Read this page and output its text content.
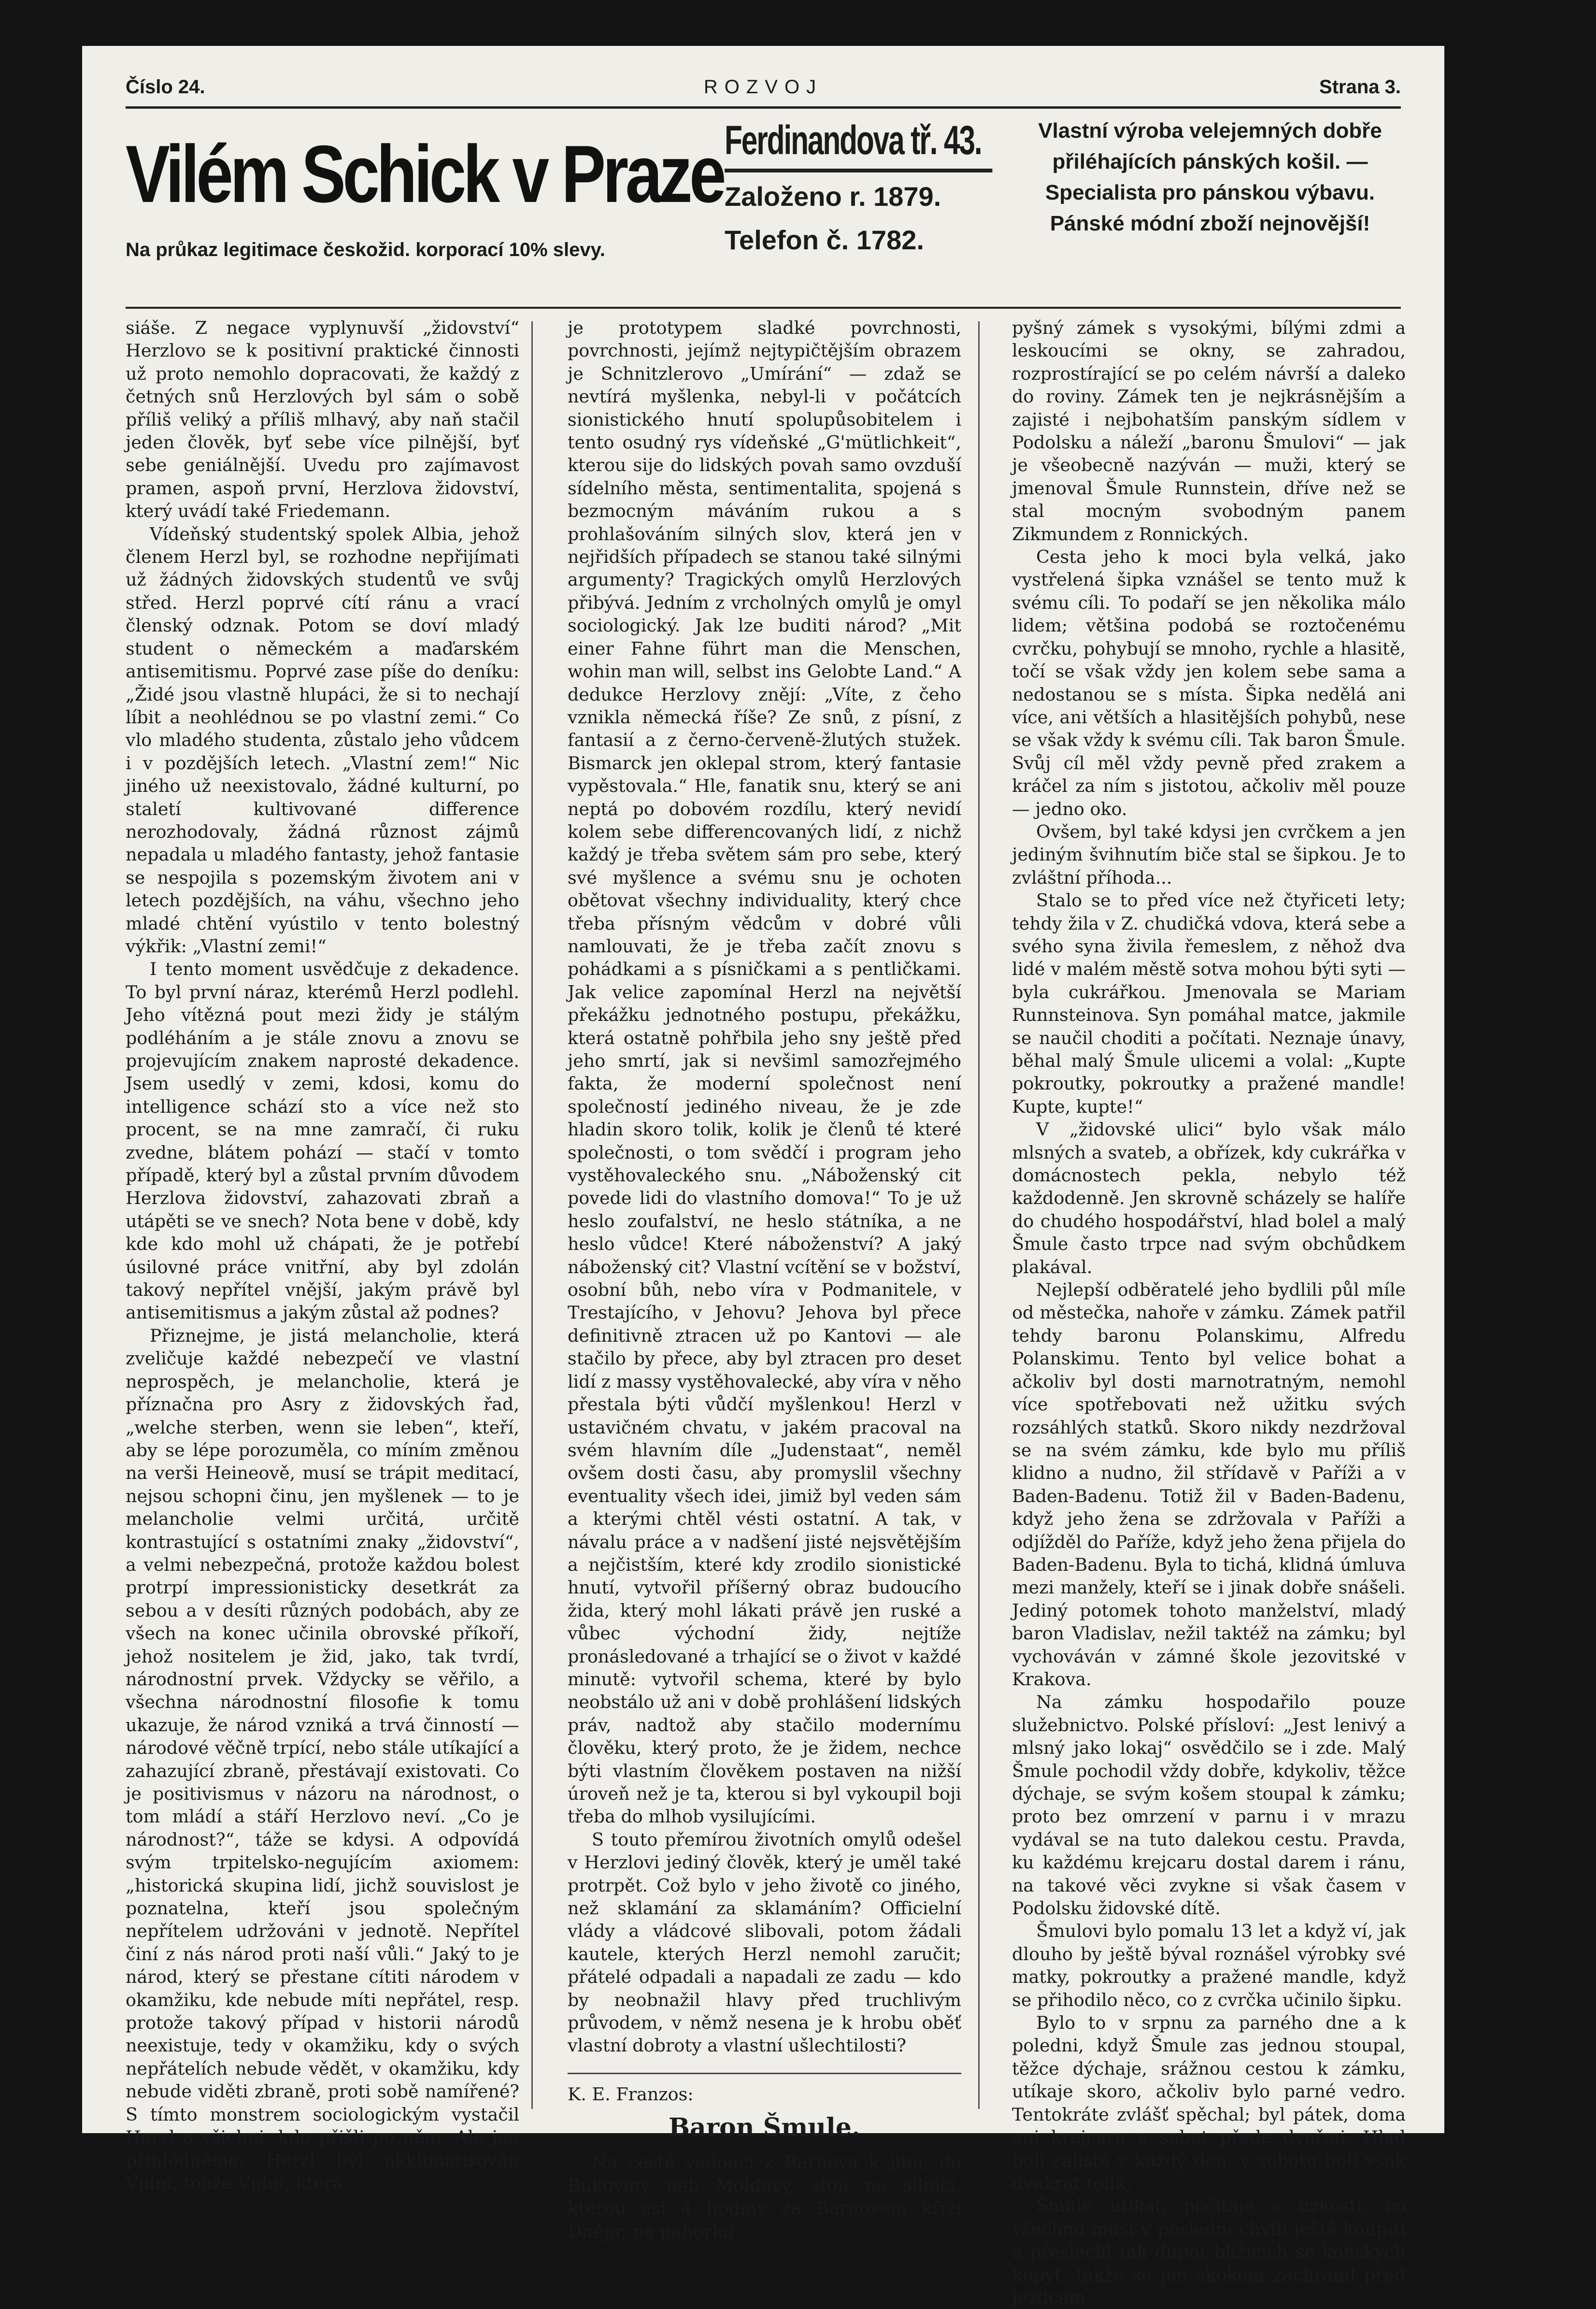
Číslo 24.	ROZVOJ	Strana 3.
Vilém Schick v Praze
Na průkaz legitimace českožid. korporací 10% slevy.
Ferdinandova tř. 43.
Založeno r. 1879.
Telefon č. 1782.
Vlastní výroba velejemných dobře
přiléhajících pánských košil. —
Specialista pro pánskou výbavu.
Pánské módní zboží nejnovější!

siáše. Z negace vyplynuvší „židovství“ Herzlovo se k positivní praktické činnosti už proto nemohlo dopracovati, že každý z četných snů Herzlových byl sám o sobě příliš veliký a příliš mlhavý, aby naň stačil jeden člověk, byť sebe více pilnější, byť sebe geniálnější. Uvedu pro zajímavost pramen, aspoň první, Herzlova židovství, který uvádí také Friedemann.

Vídeňský studentský spolek Albia, jehož členem Herzl byl, se rozhodne nepřijímati už žádných židovských studentů ve svůj střed. Herzl poprvé cítí ránu a vrací členský odznak. Potom se doví mladý student o německém a maďarském antisemitismu. Poprvé zase píše do deníku: „Židé jsou vlastně hlupáci, že si to nechají líbit a neohlédnou se po vlastní zemi.“ Co vlo mladého studenta, zůstalo jeho vůdcem i v pozdějších letech. „Vlastní zem!“ Nic jiného už neexistovalo, žádné kulturní, po staletí kultivované difference nerozhodovaly, žádná různost zájmů nepadala u mladého fantasty, jehož fantasie se nespojila s pozemským životem ani v letech pozdějších, na váhu, všechno jeho mladé chtění vyústilo v tento bolestný výkřik: „Vlastní zemi!“

I tento moment usvědčuje z dekadence. To byl první náraz, kterémů Herzl podlehl. Jeho vítězná pout mezi židy je stálým podléháním a je stále znovu a znovu se projevujícím znakem naprosté dekadence. Jsem usedlý v zemi, kdosi, komu do intelligence schází sto a více než sto procent, se na mne zamračí, či ruku zvedne, blátem pohází — stačí v tomto případě, který byl a zůstal prvním důvodem Herzlova židovství, zahazovati zbraň a utápěti se ve snech? Nota bene v době, kdy kde kdo mohl už chápati, že je potřebí úsilovné práce vnitřní, aby byl zdolán takový nepřítel vnější, jakým právě byl antisemitismus a jakým zůstal až podnes?

Přiznejme, je jistá melancholie, která zveličuje každé nebezpečí ve vlastní neprospěch, je melancholie, která je příznačna pro Asry z židovských řad, „welche sterben, wenn sie leben“, kteří, aby se lépe porozuměla, co míním změnou na verši Heineově, musí se trápit meditací, nejsou schopni činu, jen myšlenek — to je melancholie velmi určitá, určitě kontrastující s ostatními znaky „židovství“, a velmi nebezpečná, protože každou bolest protrpí impressionisticky desetkrát za sebou a v desíti různých podobách, aby ze všech na konec učinila obrovské příkoří, jehož nositelem je žid, jako, tak tvrdí, národnostní prvek. Vždycky se věřilo, a všechna národnostní filosofie k tomu ukazuje, že národ vzniká a trvá činností — národové věčně trpící, nebo stále utíkající a zahazující zbraně, přestávají existovati. Co je positivismus v názoru na národnost, o tom mládí a stáří Herzlovo neví. „Co je národnost?“, táže se kdysi. A odpovídá svým trpitelsko-negujícím axiomem: „historická skupina lidí, jichž souvislost je poznatelna, kteří jsou společným nepřítelem udržováni v jednotě. Nepřítel činí z nás národ proti naší vůli.“ Jaký to je národ, který se přestane cítiti národem v okamžiku, kde nebude míti nepřátel, resp. protože takový případ v historii národů neexistuje, tedy v okamžiku, kdy o svých nepřátelích nebude vědět, v okamžiku, kdy nebude viděti zbraně, proti sobě namířené? S tímto monstrem sociologickým vystačil Herzl a všichni, kdo přišli po něm. Ale jen přihlédněme: Herzl byl akklimatisován Vídní, touže Vídní, která

je prototypem sladké povrchnosti, povrchnosti, jejímž nejtypičtějším obrazem je Schnitzlerovo „Umírání“ — zdaž se nevtírá myšlenka, nebyl-li v počátcích sionistického hnutí spolupůsobitelem i tento osudný rys vídeňské „G'mütlichkeit“, kterou sije do lidských povah samo ovzduší sídelního města, sentimentalita, spojená s bezmocným máváním rukou a s prohlašováním silných slov, která jen v nejřidších případech se stanou také silnými argumenty? Tragických omylů Herzlových přibývá. Jedním z vrcholných omylů je omyl sociologický. Jak lze buditi národ? „Mit einer Fahne führt man die Menschen, wohin man will, selbst ins Gelobte Land.“ A dedukce Herzlovy znějí: „Víte, z čeho vznikla německá říše? Ze snů, z písní, z fantasií a z černo-červeně-žlutých stužek. Bismarck jen oklepal strom, který fantasie vypěstovala.“ Hle, fanatik snu, který se ani neptá po dobovém rozdílu, který nevidí kolem sebe differencovaných lidí, z nichž každý je třeba světem sám pro sebe, který své myšlence a svému snu je ochoten obětovat všechny individuality, který chce třeba přísným vědcům v dobré vůli namlouvati, že je třeba začít znovu s pohádkami a s písničkami a s pentličkami. Jak velice zapomínal Herzl na největší překážku jednotného postupu, překážku, která ostatně pohřbila jeho sny ještě před jeho smrtí, jak si nevšiml samozřejmého fakta, že moderní společnost není společností jediného niveau, že je zde hladin skoro tolik, kolik je členů té které společnosti, o tom svědčí i program jeho vystěhovaleckého snu. „Náboženský cit povede lidi do vlastního domova!“ To je už heslo zoufalství, ne heslo státníka, a ne heslo vůdce! Které náboženství? A jaký náboženský cit? Vlastní vcítění se v božství, osobní bůh, nebo víra v Podmanitele, v Trestajícího, v Jehovu? Jehova byl přece definitivně ztracen už po Kantovi — ale stačilo by přece, aby byl ztracen pro deset lidí z massy vystěhovalecké, aby víra v něho přestala býti vůdčí myšlenkou! Herzl v ustavičném chvatu, v jakém pracoval na svém hlavním díle „Judenstaat“, neměl ovšem dosti času, aby promyslil všechny eventuality všech idei, jimiž byl veden sám a kterými chtěl vésti ostatní. A tak, v návalu práce a v nadšení jisté nejsvětějším a nejčistším, které kdy zrodilo sionistické hnutí, vytvořil příšerný obraz budoucího žida, který mohl lákati právě jen ruské a vůbec východní židy, nejtíže pronásledované a trhající se o život v každé minutě: vytvořil schema, které by bylo neobstálo už ani v době prohlášení lidských práv, nadtož aby stačilo modernímu člověku, který proto, že je židem, nechce býti vlastním člověkem postaven na nižší úroveň než je ta, kterou si byl vykoupil boji třeba do mlhob vysilujícími.

S touto přemírou životních omylů odešel v Herzlovi jediný člověk, který je uměl také protrpět. Což bylo v jeho životě co jiného, než sklamání za sklamáním? Officielní vlády a vládcové slibovali, potom žádali kautele, kterých Herzl nemohl zaručit; přátelé odpadali a napadali ze zadu — kdo by neobnažil hlavy před truchlivým průvodem, v němž nesena je k hrobu oběť vlastní dobroty a vlastní ušlechtilosti?

K. E. Franzos:

Baron Šmule.

Na cestě vedoucí z Barnova k jihu, do Bukoviny neb Moldavy, stojí na silnici, kterou asi 4 hodiny za Barnovem kříží Dněpr, na pahorku

pyšný zámek s vysokými, bílými zdmi a leskoucími se okny, se zahradou, rozprostírající se po celém návrší a daleko do roviny. Zámek ten je nejkrásnějším a zajisté i nejbohatším panským sídlem v Podolsku a náleží „baronu Šmulovi“ — jak je všeobecně nazýván — muži, který se jmenoval Šmule Runnstein, dříve než se stal mocným svobodným panem Zikmundem z Ronnických.

Cesta jeho k moci byla velká, jako vystřelená šipka vznášel se tento muž k svému cíli. To podaří se jen několika málo lidem; většina podobá se roztočenému cvrčku, pohybují se mnoho, rychle a hlasitě, točí se však vždy jen kolem sebe sama a nedostanou se s místa. Šipka nedělá ani více, ani větších a hlasitějších pohybů, nese se však vždy k svému cíli. Tak baron Šmule. Svůj cíl měl vždy pevně před zrakem a kráčel za ním s jistotou, ačkoliv měl pouze — jedno oko.

Ovšem, byl také kdysi jen cvrčkem a jen jediným švihnutím biče stal se šipkou. Je to zvláštní příhoda...

Stalo se to před více než čtyřiceti lety; tehdy žila v Z. chudičká vdova, která sebe a svého syna živila řemeslem, z něhož dva lidé v malém městě sotva mohou býti syti — byla cukrářkou. Jmenovala se Mariam Runnsteinova. Syn pomáhal matce, jakmile se naučil choditi a počítati. Neznaje únavy, běhal malý Šmule ulicemi a volal: „Kupte pokroutky, pokroutky a pražené mandle! Kupte, kupte!“

V „židovské ulici“ bylo však málo mlsných a svateb, a obřízek, kdy cukrářka v domácnostech pekla, nebylo též každodenně. Jen skrovně scházely se halíře do chudého hospodářství, hlad bolel a malý Šmule často trpce nad svým obchůdkem plakával.

Nejlepší odběratelé jeho bydlili půl míle od městečka, nahoře v zámku. Zámek patřil tehdy baronu Polanskimu, Alfredu Polanskimu. Tento byl velice bohat a ačkoliv byl dosti marnotratným, nemohl více spotřebovati než užitku svých rozsáhlých statků. Skoro nikdy nezdržoval se na svém zámku, kde bylo mu příliš klidno a nudno, žil střídavě v Paříži a v Baden-Badenu. Totiž žil v Baden-Badenu, když jeho žena se zdržovala v Paříži a odjížděl do Paříže, když jeho žena přijela do Baden-Badenu. Byla to tichá, klidná úmluva mezi manžely, kteří se i jinak dobře snášeli. Jediný potomek tohoto manželství, mladý baron Vladislav, nežil taktéž na zámku; byl vychováván v zámné škole jezovitské v Krakova.

Na zámku hospodařilo pouze služebnictvo. Polské přísloví: „Jest lenivý a mlsný jako lokaj“ osvědčilo se i zde. Malý Šmule pochodil vždy dobře, kdykoliv, těžce dýchaje, se svým košem stoupal k zámku; proto bez omrzení v parnu i v mrazu vydával se na tuto dalekou cestu. Pravda, ku každému krejcaru dostal darem i ránu, na takové věci zvykne si však časem v Podolsku židovské dítě.

Šmulovi bylo pomalu 13 let a když ví, jak dlouho by ještě býval roznášel výrobky své matky, pokroutky a pražené mandle, když se přihodilo něco, co z cvrčka učinilo šipku.

Bylo to v srpnu za parného dne a k poledni, když Šmule zas jednou stoupal, těžce dýchaje, srážnou cestou k zámku, utíkaje skoro, ačkoliv bylo parné vedro. Tentokráte zvlášť spěchal; byl pátek, doma ani krejcaru a sabat přede dveřmi. Hlad bolí zajisté v každý den, v sobotu bolí však dvakrát tolik.

Šmule utíkal, počítaje s úzkostí, co všechno musí v poslední chvíli ještě koupiti a přeslechl tak dupot blížících se koňských kopyt, takže se jen skokem zachránil před jezdcem,
